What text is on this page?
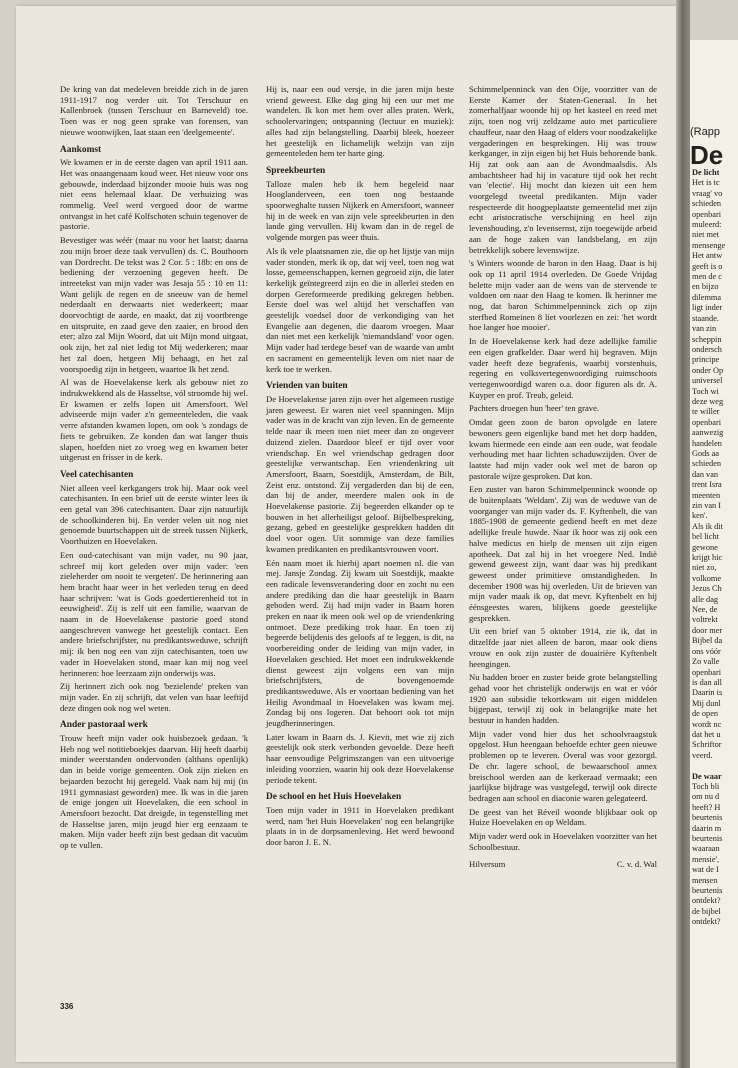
De kring van dat medeleven breidde zich in de jaren 1911-1917 nog verder uit. Tot Terschuur en Kallenbroek (tussen Terschuur en Barneveld) toe. Toen was er nog geen sprake van forensen, van nieuwe woonwijken, laat staan een 'deelgemeente'.

Aankomst

We kwamen er in de eerste dagen van april 1911 aan. Het was onaangenaam koud weer. Het nieuw voor ons gebouwde, inderdaad bijzonder mooie huis was nog niet eens helemaal klaar. De verhuizing was rommelig. Veel werd vergoed door de warme ontvangst in het café Kolfschoten schuin tegenover de pastorie.

Bevestiger was wéér (maar nu voor het laatst; daarna zou mijn broer deze taak vervullen) ds. C. Bouthoorn van Dordrecht. De tekst was 2 Cor. 5 : 18b: en ons de bediening der verzoening gegeven heeft. De intreetekst van mijn vader was Jesaja 55 : 10 en 11: Want gelijk de regen en de sneeuw van de hemel nederdaalt en derwaarts niet wederkeert; maar doorvochtigt de aarde, en maakt, dat zij voortbrenge en uitspruite, en zaad geve den zaaier, en brood den eter; alzo zal Mijn Woord, dat uit Mijn mond uitgaat, ook zijn, het zal niet ledig tot Mij wederkeren; maar het zal doen, hetgeen Mij behaagt, en het zal voorspoedig zijn in hetgeen, waartoe Ik het zend.

Al was de Hoevelakense kerk als gebouw niet zo indrukwekkend als de Hasseltse, vól stroomde hij wel. Er kwamen er zelfs lopen uit Amersfoort. Wel adviseerde mijn vader z'n gemeenteleden, die vaak verre afstanden kwamen lopen, om ook 's zondags de fiets te gebruiken. Ze konden dan wat langer thuis slapen, hoefden niet zo vroeg weg en kwamen beter uitgerust en frisser in de kerk.

Veel catechisanten

Niet alleen veel kerkgangers trok hij. Maar ook veel catechisanten. In een brief uit de eerste winter lees ik een getal van 396 catechisanten. Daar zijn natuurlijk de schoolkinderen bij. En verder velen uit nog niet genoemde buurtschappen uit de streek tussen Nijkerk, Voorthuizen en Hoevelaken.

Een oud-catechisant van mijn vader, nu 90 jaar, schreef mij kort geleden over mijn vader: 'een zieleherder om nooit te vergeten'. De herinnering aan hem bracht haar weer in het verleden terug en deed haar schrijven: 'wat is Gods goedertierenheid tot in eeuwigheid'. Zij is zelf uit een familie, waarvan de naam in de Hoevelakense pastorie goed stond aangeschreven vanwege het geestelijk contact. Een andere briefschrijfster, nu predikantsweduwe, schrijft mij: ik ben nog een van zijn catechisanten, toen uw vader in Hoevelaken stond, maar kan mij nog veel herinneren: hoe leerzaam zijn onderwijs was.

Zij herinnert zich ook nog 'bezielende' preken van mijn vader. En zij schrijft, dat velen van haar leeftijd deze dingen ook nog wel weten.

Ander pastoraal werk

Trouw heeft mijn vader ook huisbezoek gedaan. 'k Heb nog wel notitieboekjes daarvan. Hij heeft daarbij minder weerstanden ondervonden (althans openlijk) dan in beide vorige gemeenten. Ook zijn zieken en bejaarden bezocht hij geregeld. Vaak nam hij mij (in 1911 gymnasiast geworden) mee. Ik was in die jaren de enige jongen uit Hoevelaken, die een school in Amersfoort bezocht. Dat dreigde, in tegenstelling met de Hasseltse jaren, mijn jeugd hier erg eenzaam te maken. Mijn vader heeft zijn best gedaan dit vacuüm op te vullen.

Hij is, naar een oud versje, in die jaren mijn beste vriend geweest. Elke dag ging hij een uur met me wandelen. Ik kon met hem over alles praten. Werk, schoolervaringen; ontspanning (lectuur en muziek): alles had zijn belangstelling. Daarbij bleek, hoezeer het geestelijk en lichamelijk welzijn van zijn gemeenteleden hem ter harte ging.

Spreekbeurten

Talloze malen heb ik hem begeleid naar Hooglanderveen, een toen nog bestaande spoorweghalte tussen Nijkerk en Amersfoort, wanneer hij in de week en van zijn vele spreekbeurten in den lande ging vervullen. Hij kwam dan in de regel de volgende morgen pas weer thuis.

Als ik vele plaatsnamen zie, die op het lijstje van mijn vader stonden, merk ik op, dat wij veel, toen nog wat losse, gemeenschappen, kernen gegroeid zijn, die later kerkelijk geïntegreerd zijn en die in allerlei steden en dorpen Gereformeerde prediking gekregen hebben. Eerste doel was wel altijd het verschaffen van geestelijk voedsel door de verkondiging van het Evangelie aan degenen, die daarom vroegen. Maar dan niet met een kerkelijk 'niemandsland' voor ogen. Mijn vader had terdege besef van de waarde van ambt en sacrament en gemeentelijk leven om niet naar de kerk toe te werken.

Vrienden van buiten

De Hoevelakense jaren zijn over het algemeen rustige jaren geweest. Er waren niet veel spanningen. Mijn vader was in de kracht van zijn leven. En de gemeente telde naar ik meen toen niet meer dan zo ongeveer duizend zielen. Daardoor bleef er tijd over voor vriendschap. En wel vriendschap gedragen door geestelijke verwantschap. Een vriendenkring uit Amersfoort, Baarn, Soestdijk, Amsterdam, de Bilt, Zeist enz. ontstond. Zij vergaderden dan bij de een, dan bij de ander, meerdere malen ook in de Hoevelakense pastorie. Zij begeerden elkander op te bouwen in het allerheiligst geloof. Bijbelbespreking, gezang, gebed en geestelijke gesprekken hadden dit doel voor ogen. Uit sommige van deze families kwamen predikanten en predikantsvrouwen voort.

Eén naam moet ik hierbij apart noemen nl. die van mej. Jansje Zondag. Zij kwam uit Soestdijk, maakte een radicale levensverandering door en zocht nu een andere prediking dan die haar geestelijk in Baarn geboden werd. Zij had mijn vader in Baarn horen preken en naar ik meen ook wel op de vriendenkring ontmoet. Deze prediking trok haar. En toen zij begeerde belijdenis des geloofs af te leggen, is dit, na voorbereiding onder de leiding van mijn vader, in Hoevelaken geschied. Het moet een indrukwekkende dienst geweest zijn volgens een van mijn briefschrijfsters, de bovengenoemde predikantsweduwe. Als er voortaan bediening van het Heilig Avondmaal in Hoevelaken was kwam mej. Zondag bij ons logeren. Dat behoort ook tot mijn jeugdherinneringen.

Later kwam in Baarn ds. J. Kievit, met wie zij zich geestelijk ook sterk verbonden gevoelde. Deze heeft haar eenvoudige Pelgrimszangen van een uitvoerige inleiding voorzien, waarin hij ook deze Hoevelakense periode tekent.

De school en het Huis Hoevelaken

Toen mijn vader in 1911 in Hoevelaken predikant werd, nam 'het Huis Hoevelaken' nog een belangrijke plaats in in de dorpsamenleving. Het werd bewoond door baron J. E. N.

Schimmelpenninck van den Oije, voorzitter van de Eerste Kamer der Staten-Generaal. In het zomerhalfjaar woonde hij op het kasteel en reed met zijn, toen nog vrij zeldzame auto met particuliere chauffeur, naar den Haag of elders voor noodzakelijke vergaderingen en besprekingen. Hij was trouw kerkganger, in zijn eigen bij het Huis behorende bank. Hij zat ook aan aan de Avondmaalsdis. Als ambachtsheer had hij in vacature tijd ook het recht van 'electie'. Hij mocht dan kiezen uit een hem voorgelegd tweetal predikanten. Mijn vader respecteerde dit hoogpeplaatste gemeentelid met zijn echt aristocratische verschijning en heel zijn levenshouding, z'n levensernst, zijn toegewijde arbeid aan de hoge zaken van landsbelang, en zijn betrekkelijk sobere levenswijze.

's Winters woonde de baron in den Haag. Daar is hij ook op 11 april 1914 overleden. De Goede Vrijdag belette mijn vader aan de wens van de stervende te voldoen om naar den Haag te komen. Ik herinner me nog, dat baron Schimmelpenninck zich op zijn sterfbed Romeinen 8 liet voorlezen en zei: 'het wordt hoe langer hoe mooier'.

In de Hoevelakense kerk had deze adellijke familie een eigen grafkelder. Daar werd hij begraven. Mijn vader heeft deze begrafenis, waarbij vorstenhuis, regering en volksvertegenwoordiging ruimschoots vertegenwoordigd waren o.a. door figuren als dr. A. Kuyper en prof. Treub, geleid.

Pachters droegen hun 'heer' ten grave.

Omdat geen zoon de baron opvolgde en latere bewoners geen eigenlijke band met het dorp hadden, kwam hiermede een einde aan een oude, wat feodale verhouding met haar lichten schaduwzijden. Over de laatste had mijn vader ook wel met de baron op pastorale wijze gesproken. Dat kon.

Een zuster van baron Schimmelpenninck woonde op de buitenplaats 'Weldam'. Zij was de weduwe van de voorganger van mijn vader ds. F. Kyftenbelt, die van 1885-1908 de gemeente gediend heeft en met deze adellijke freule huwde. Naar ik hoor was zij ook een halve medicus en hielp de mensen uit zijn eigen apotheek. Dat zal hij in het vroegere Ned. Indië gewend geweest zijn, want daar was hij predikant geweest onder primitieve omstandigheden. In december 1908 was hij overleden. Uit de brieven van mijn vader maak ik op, dat mevr. Kyftenbelt en hij éénsgeestes waren, blijkens goede geestelijke gesprekken.

Uit een brief van 5 oktober 1914, zie ik, dat in ditzelfde jaar niet alleen de baron, maar ook diens vrouw en ook zijn zuster de douairière Kyftenbelt heengingen.

Nu hadden broer en zuster beide grote belangstelling gehad voor het christelijk onderwijs en wat er vóór 1920 aan subsidie tekortkwam uit eigen middelen bijgepast, terwijl zij ook in belangrijke mate het bestuur in handen hadden.

Mijn vader vond hier dus het schoolvraagstuk opgelost. Hun heengaan behoefde echter geen nieuwe problemen op te leveren. Overal was voor gezorgd. De chr. lagere school, de bewaarschool annex breischool werden aan de kerkeraad vermaakt; een jaarlijkse bijdrage was vastgelegd, terwijl ook directe bedragen aan school en diaconie waren gelegateerd.

De geest van het Réveil woonde blijkbaar ook op Huize Hoevelaken en op Weldam.

Mijn vader werd ook in Hoevelaken voorzitter van het Schoolbestuur.

Hilversum	C. v. d. Wal
336
(Rapp
De
De licht
Het is tc
vraag' vo
schieden
openbari
muleerd:
niet met
mensenge
Het antw
geeft is o
men de c
en bijzo
dilemma
ligt inder
staande.
van zin
scheppin
ondersch
principe
onder Op
universel
Toch wi
deze weg
te willer
openbari
aanwezig
handelen
Gods aa
schieden
dan van
trent Isra
meenten
zin van I
ken'.
Als ik dit
bel licht
gewone
krijgt hic
niet zo,
volkome
Jezus Ch
alle dag
Nee, de
voltrekt
door mer
Bijbel da
ons vóór
Zo valle
openbari
is dan all
Daarin is
Mij dunl
de open
wordt nc
dat het u
Schriftor
veerd.

De waar
Toch bli
om nu d
heeft? H
beurtenis
daarin m
beurtenis
waaraan
mensie',
wat de I
mensen
beurtenis
ontdekt?
de bijbel
ontdekt?
